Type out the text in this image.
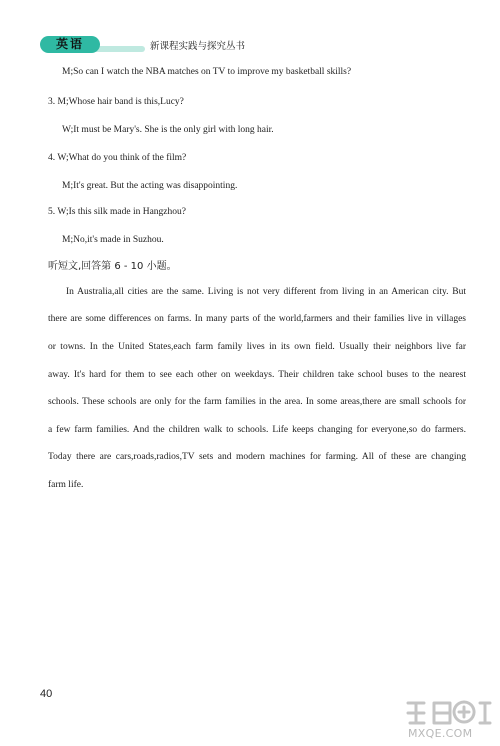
英语	新课程实践与探究丛书
M;So can I watch the NBA matches on TV to improve my basketball skills?
3. M;Whose hair band is this,Lucy?
W;It must be Mary's. She is the only girl with long hair.
4. W;What do you think of the film?
M;It's great. But the acting was disappointing.
5. W;Is this silk made in Hangzhou?
M;No,it's made in Suzhou.
听短文,回答第 6 - 10 小题。
In Australia,all cities are the same. Living is not very different from living in an American city. But
there are some differences on farms. In many parts of the world,farmers and their families live in villages
or towns. In the United States,each farm family lives in its own field. Usually their neighbors live far
away. It's hard for them to see each other on weekdays. Their children take school buses to the nearest
schools. These schools are only for the farm families in the area. In some areas,there are small schools for
a few farm families. And the children walk to schools. Life keeps changing for everyone,so do farmers.
Today there are cars,roads,radios,TV sets and modern machines for farming. All of these are changing
farm life.
40
MXQE.COM
